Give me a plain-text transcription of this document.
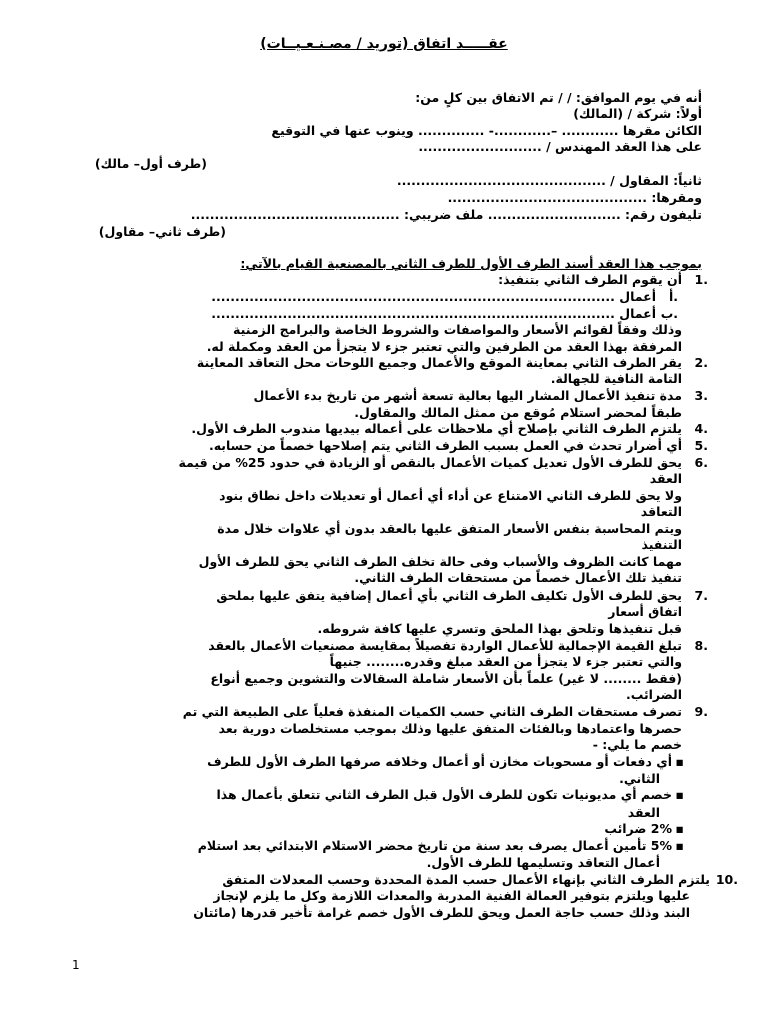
عقـــــد اتفاق (توريد / مصـنـعـيــات)
أنه في يوم الموافق: / / تم الاتفاق بين كلٍ من:
أولاً: شركة / (المالك)
الكائن مقرها ............ –............- .............. وينوب عنها في التوقيع
على هذا العقد المهندس / ..........................
(طرف أول– مالك)
ثانياً: المقاول / ............................................
ومقرها: ..........................................
تليفون رقم: ............................ ملف ضريبي: ............................................
(طرف ثاني– مقاول)
بموجب هذا العقد أسند الطرف الأول للطرف الثاني بالمصنعية القيام بالآتي:
أن يقوم الطرف الثاني بتنفيذ: 1.
أعمال ..................................................................................... أ.
أعمال ..................................................................................... ب.
وذلك وفقاً لقوائم الأسعار والمواصفات والشروط الخاصة والبرامج الزمنية
المرفقة بهذا العقد من الطرفين والتي تعتبر جزء لا يتجزأ من العقد ومكملة له.
يقر الطرف الثاني بمعاينة الموقع والأعمال وجميع اللوحات محل التعاقد المعاينة 2.
التامة النافية للجهالة.
مدة تنفيذ الأعمال المشار اليها بعالية تسعة أشهر من تاريخ بدء الأعمال 3.
طبقاً لمحضر استلام مُوقع من ممثل المالك والمقاول.
يلتزم الطرف الثاني بإصلاح أي ملاحظات على أعماله بيديها مندوب الطرف الأول. 4.
أي أضرار تحدث في العمل بسبب الطرف الثاني يتم إصلاحها خصماً من حسابه. 5.
يحق للطرف الأول تعديل كميات الأعمال بالنقص أو الزيادة في حدود 25% من قيمة 6.
العقد
ولا يحق للطرف الثاني الامتناع عن أداء أي أعمال أو تعديلات داخل نطاق بنود
التعاقد
ويتم المحاسبة بنفس الأسعار المتفق عليها بالعقد بدون أي علاوات خلال مدة
التنفيذ
مهما كانت الظروف والأسباب وفى حالة تخلف الطرف الثاني يحق للطرف الأول
تنفيذ تلك الأعمال خصماً من مستحقات الطرف الثاني.
يحق للطرف الأول تكليف الطرف الثاني بأي أعمال إضافية يتفق عليها بملحق 7.
اتفاق أسعار
قبل تنفيذها وتلحق بهذا الملحق وتسري عليها كافة شروطه.
تبلغ القيمة الإجمالية للأعمال الواردة تفصيلاً بمقايسة مصنعيات الأعمال بالعقد 8.
والتي تعتبر جزء لا يتجزأ من العقد مبلغ وقدره........ جنيهاً
(فقط ........ لا غير) علماً بأن الأسعار شاملة السقالات والتشوين وجميع أنواع
الضرائب.
تصرف مستحقات الطرف الثاني حسب الكميات المنفذة فعلياً على الطبيعة التي تم 9.
حصرها واعتمادها وبالفئات المتفق عليها وذلك بموجب مستخلصات دورية بعد
خصم ما يلي: -
أي دفعات أو مسحوبات مخازن أو أعمال وخلافه صرفها الطرف الأول للطرف ▪
الثاني.
خصم أي مديونيات تكون للطرف الأول قبل الطرف الثاني تتعلق بأعمال هذا ▪
العقد
2% ضرائب ▪
5% تأمين أعمال يصرف بعد سنة من تاريخ محضر الاستلام الابتدائي بعد استلام ▪
أعمال التعاقد وتسليمها للطرف الأول.
يلتزم الطرف الثاني بإنهاء الأعمال حسب المدة المحددة وحسب المعدلات المتفق 10.
عليها ويلتزم بتوفير العمالة الفنية المدربة والمعدات اللازمة وكل ما يلزم لإنجاز
البند وذلك حسب حاجة العمل ويحق للطرف الأول خصم غرامة تأخير قدرها (مائتان
1
